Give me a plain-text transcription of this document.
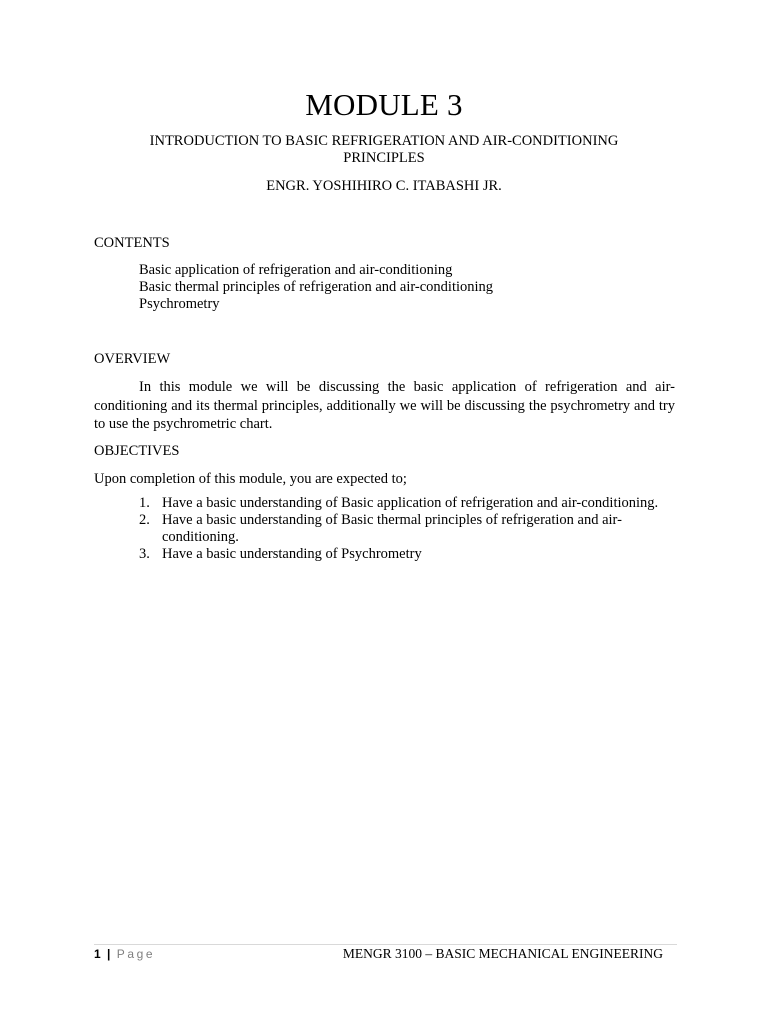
MODULE 3
INTRODUCTION TO BASIC REFRIGERATION AND AIR-CONDITIONING PRINCIPLES
ENGR. YOSHIHIRO C. ITABASHI JR.
CONTENTS
Basic application of refrigeration and air-conditioning
Basic thermal principles of refrigeration and air-conditioning
Psychrometry
OVERVIEW

In this module we will be discussing the basic application of refrigeration and air-conditioning and its thermal principles, additionally we will be discussing the psychrometry and try to use the psychrometric chart.

OBJECTIVES

Upon completion of this module, you are expected to;

1. Have a basic understanding of Basic application of refrigeration and air-conditioning.
2. Have a basic understanding of Basic thermal principles of refrigeration and air-conditioning.
3. Have a basic understanding of Psychrometry
1 | Page	MENGR 3100 – BASIC MECHANICAL ENGINEERING
